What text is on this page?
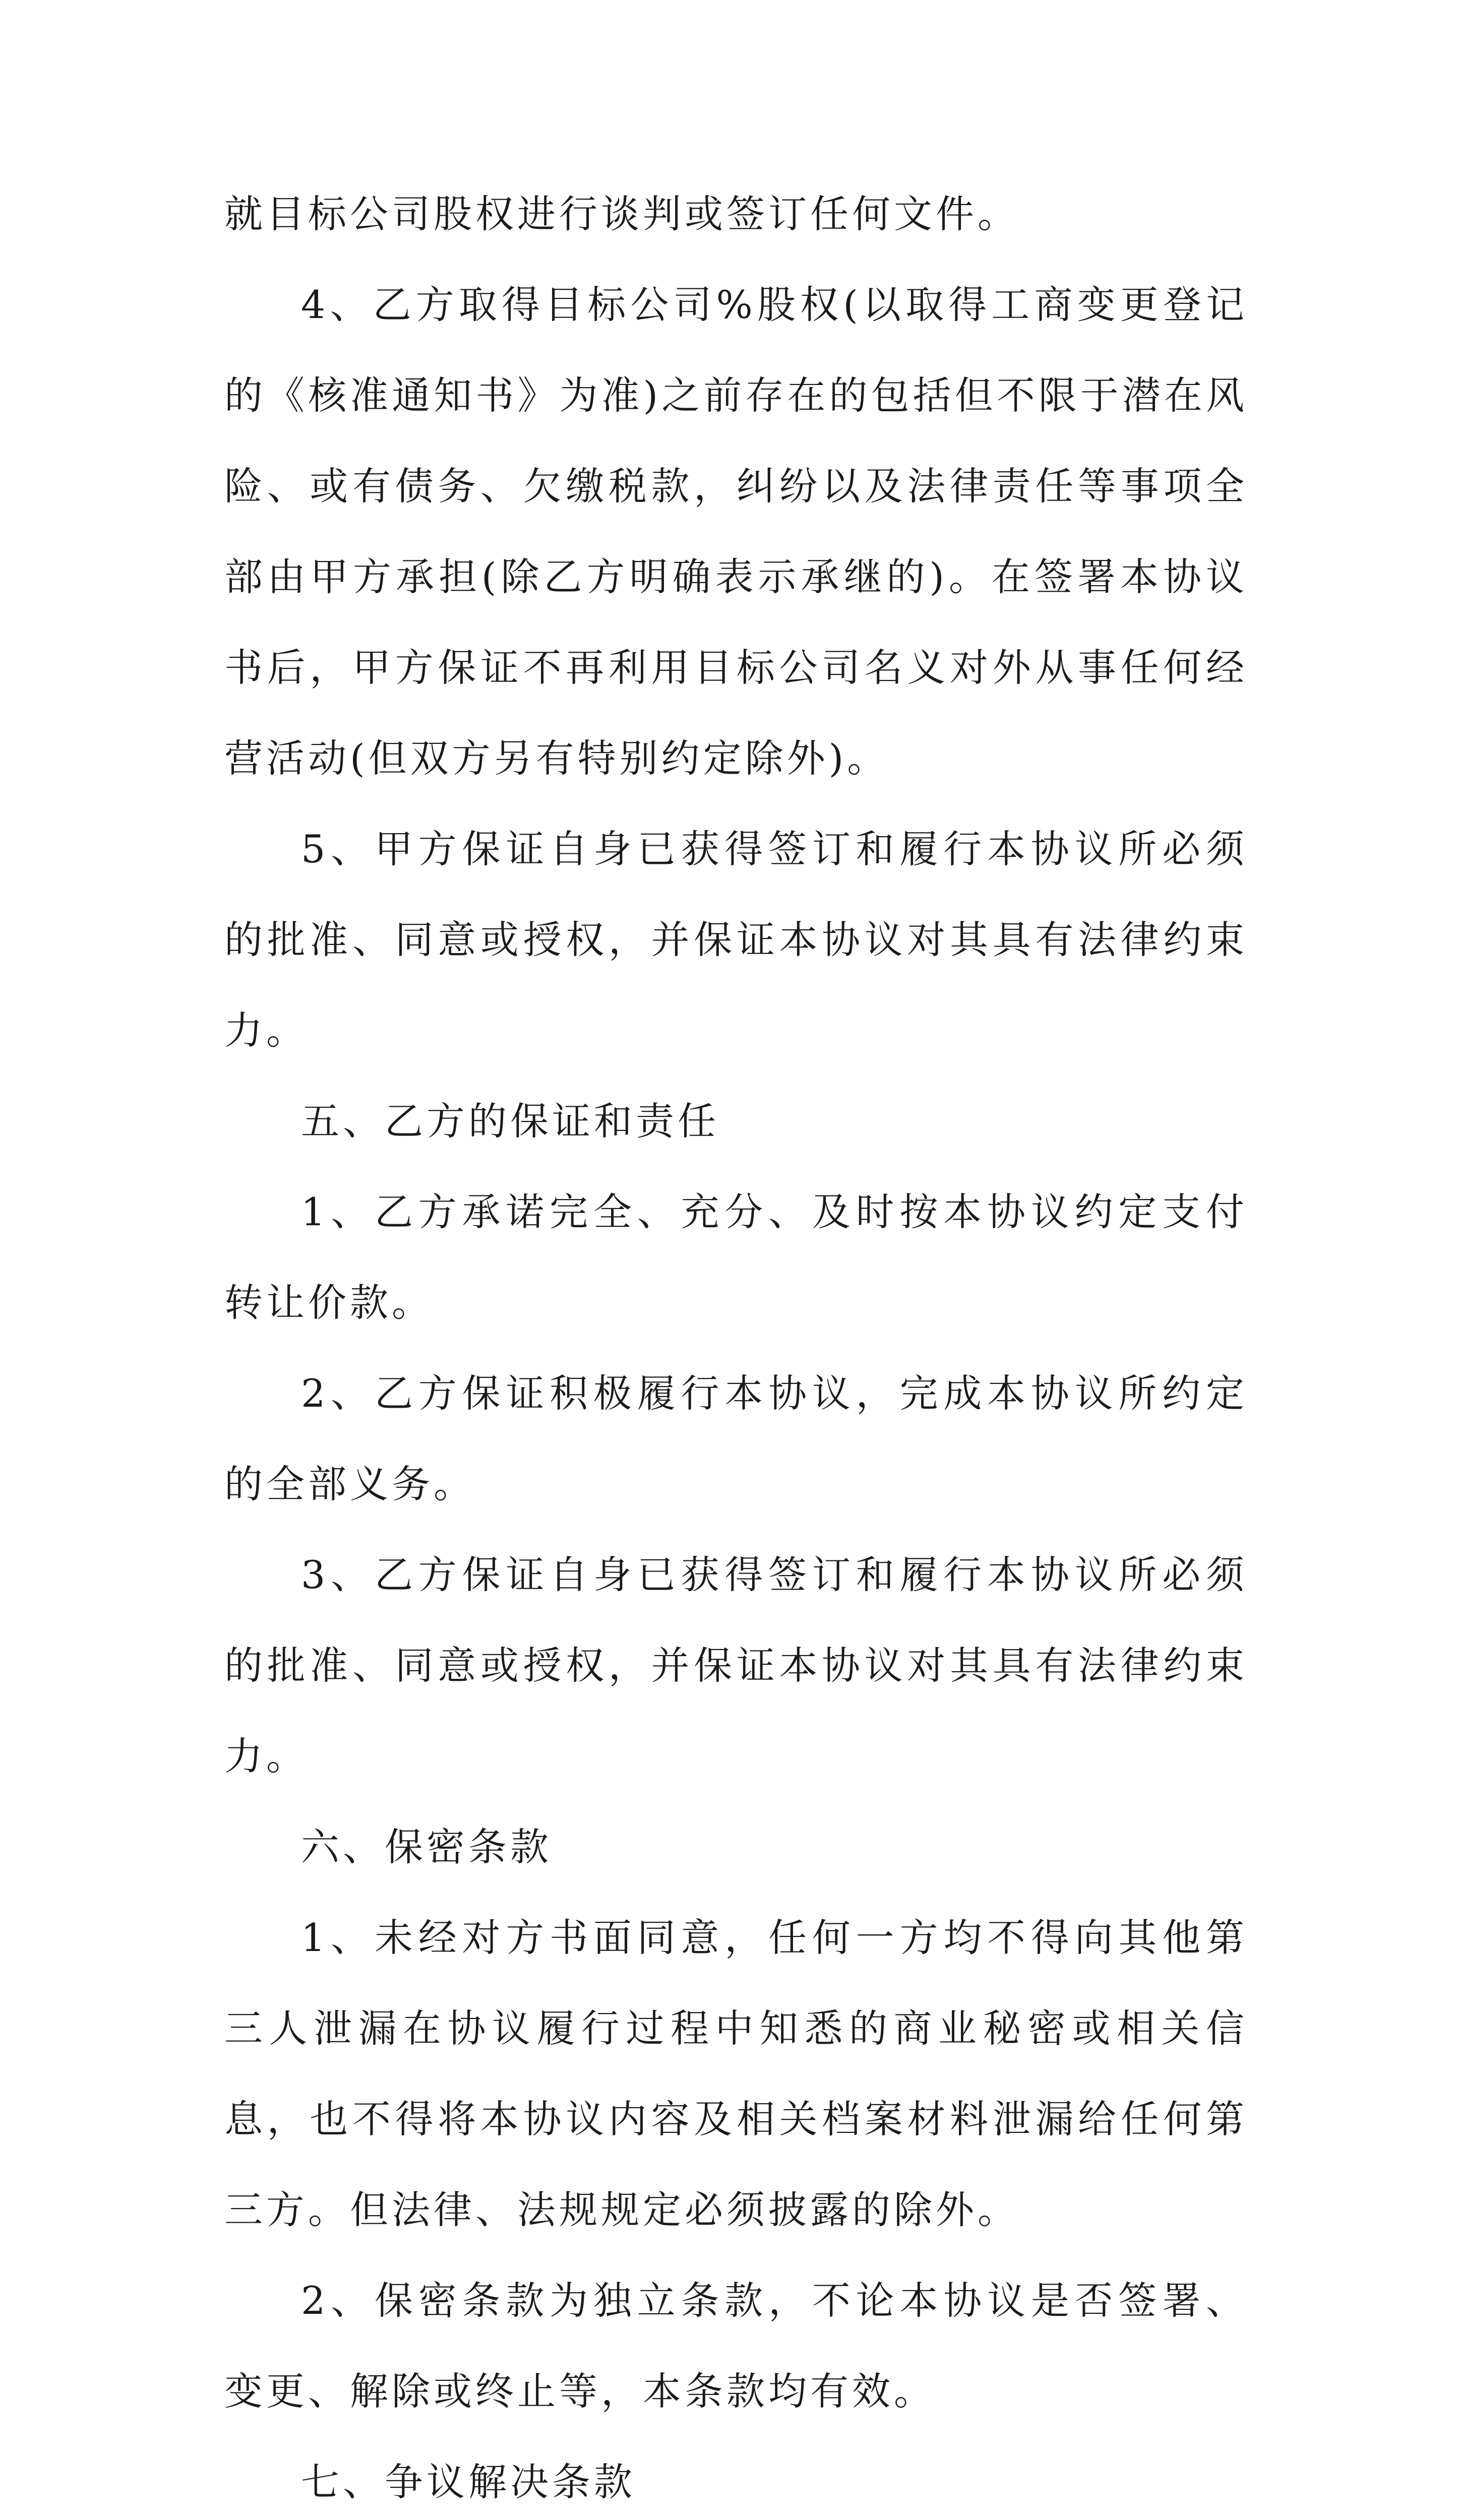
就目标公司股权进行谈判或签订任何文件。

4、乙方取得目标公司%股权(以取得工商变更登记的《核准通知书》为准)之前存在的包括但不限于潜在风险、或有债务、欠缴税款，纠纷以及法律责任等事项全部由甲方承担(除乙方明确表示承继的)。在签署本协议书后，甲方保证不再利用目标公司名义对外从事任何经营活动(但双方另有特别约定除外)。

5、甲方保证自身已获得签订和履行本协议所必须的批准、同意或授权，并保证本协议对其具有法律约束力。

五、乙方的保证和责任

1、乙方承诺完全、充分、及时按本协议约定支付转让价款。

2、乙方保证积极履行本协议，完成本协议所约定的全部义务。

3、乙方保证自身已获得签订和履行本协议所必须的批准、同意或授权，并保证本协议对其具有法律约束力。

六、保密条款

1、未经对方书面同意，任何一方均不得向其他第三人泄漏在协议履行过程中知悉的商业秘密或相关信息，也不得将本协议内容及相关档案材料泄漏给任何第三方。但法律、法规规定必须披露的除外。

2、保密条款为独立条款，不论本协议是否签署、变更、解除或终止等，本条款均有效。

七、争议解决条款
